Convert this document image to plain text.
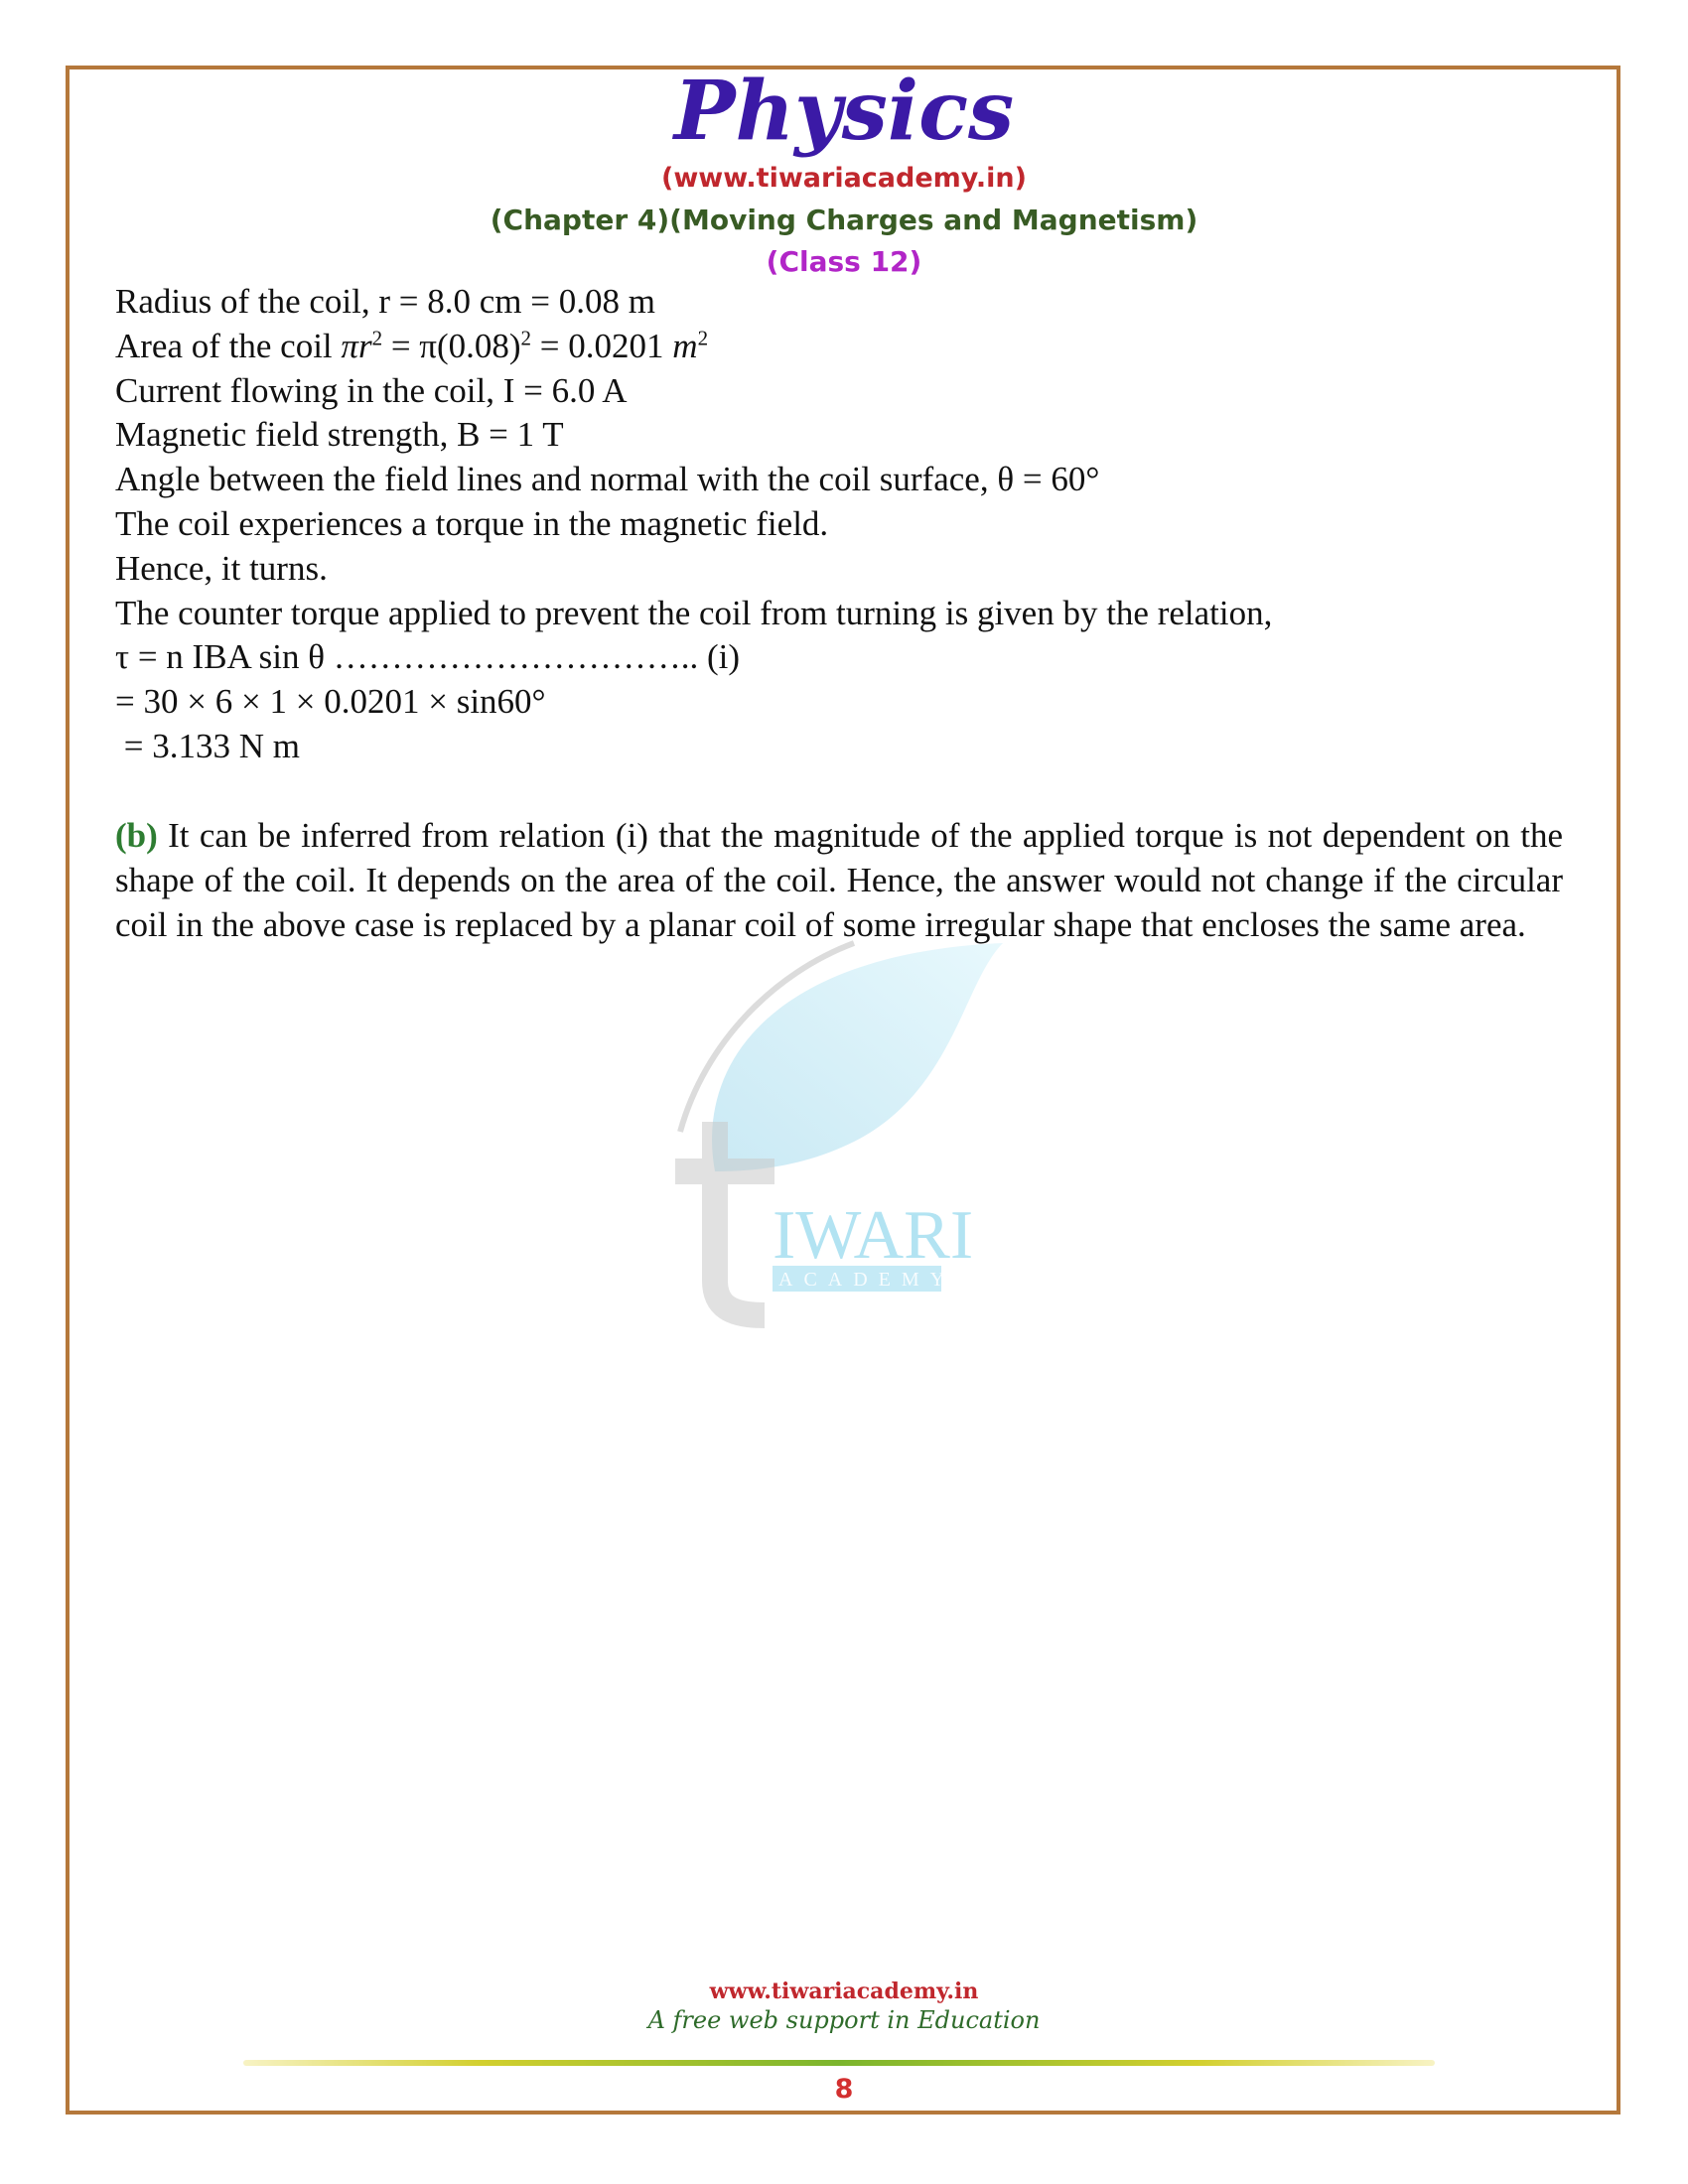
Physics
(www.tiwariacademy.in)
(Chapter 4)(Moving Charges and Magnetism)
(Class 12)
IWARI
ACADEMY
Radius of the coil, r = 8.0 cm = 0.08 m
Area of the coil $\pi r^2 = \pi(0.08)^2 = 0.0201$ $m^2$
Current flowing in the coil, I = 6.0 A
Magnetic field strength, B = 1 T
Angle between the field lines and normal with the coil surface, θ = 60°
The coil experiences a torque in the magnetic field.
Hence, it turns.
The counter torque applied to prevent the coil from turning is given by the relation,
τ = n IBA sin θ ………………………….. (i)
= 30 × 6 × 1 × 0.0201 × sin60°
= 3.133 N m
(b) It can be inferred from relation (i) that the magnitude of the applied torque is not dependent on the shape of the coil. It depends on the area of the coil. Hence, the answer would not change if the circular coil in the above case is replaced by a planar coil of some irregular shape that encloses the same area.
www.tiwariacademy.in
A free web support in Education
8
